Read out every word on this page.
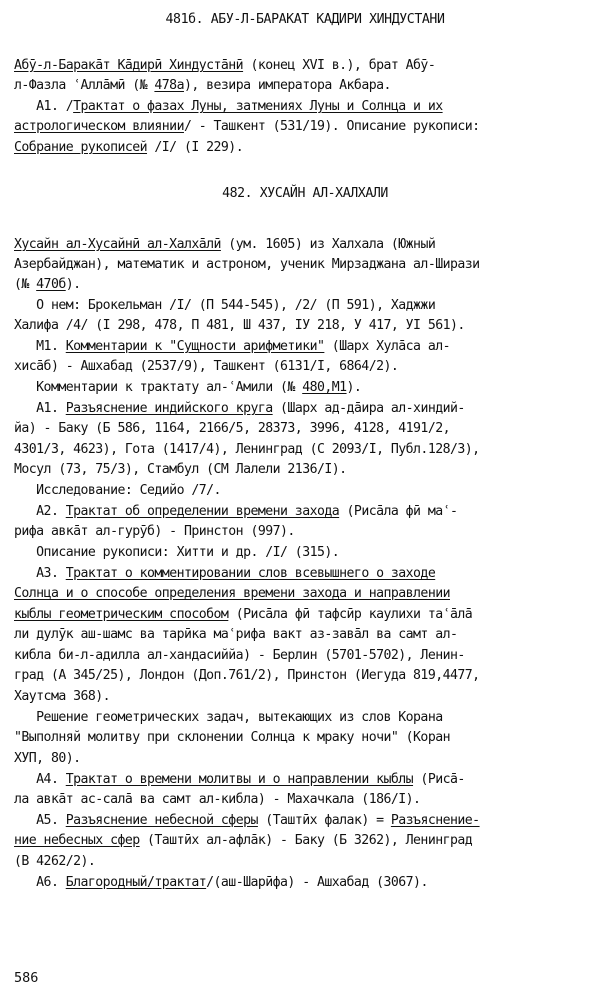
481б. АБУ-Л-БАРАКАТ КАДИРИ ХИНДУСТАНИ
482. ХУСАЙН АЛ-ХАЛХАЛИ
Абӯ-л-Баракāт Кāдирӣ Хиндустāнӣ (конец XVI в.), брат Абӯ-
л-Фазла ʿАллāмӣ (№ 478а), везира императора Акбара.
А1. /Трактат о фазах Луны, затмениях Луны и Солнца и их
астрологическом влиянии/ - Ташкент (531/19). Описание рукописи:
Собрание рукописей /I/ (I 229).
Хусайн ал-Хусайнӣ ал-Халхāлӣ (ум. 1605) из Халхала (Южный
Азербайджан), математик и астроном, ученик Мирзаджана ал-Ширази
(№ 470б).
О нем: Брокельман /I/ (П 544-545), /2/ (П 591), Хаджжи
Халифа /4/ (I 298, 478, П 481, Ш 437, IУ 218, У 417, УI 561).
М1. Комментарии к "Сущности арифметики" (Шарх Хулāса ал-
хисāб) - Ашхабад (2537/9), Ташкент (6131/I, 6864/2).
Комментарии к трактату ал-ʿАмили (№ 480,М1).
А1. Разъяснение индийского круга (Шарх ад-дāира ал-хиндий-
йа) - Баку (Б 586, 1164, 2166/5, 28373, 3996, 4128, 4191/2,
4301/3, 4623), Гота (1417/4), Ленинград (С 2093/I, Публ.128/3),
Мосул (73, 75/3), Стамбул (СМ Лалели 2136/I).
Исследование: Седийо /7/.
А2. Трактат об определении времени захода (Рисāла фӣ маʿ-
рифа авкāт ал-гурӯб) - Принстон (997).
Описание рукописи: Хитти и др. /I/ (315).
А3. Трактат о комментировании слов всевышнего о заходе
Солнца и о способе определения времени захода и направлении
кыблы геометрическим способом (Рисāла фӣ тафсӣр каулихи таʿāлā
ли дулӯк аш-шамс ва тарӣка маʿрифа вакт аз-завāл ва самт ал-
кибла би-л-адилла ал-хандасиййа) - Берлин (5701-5702), Ленин-
град (А 345/25), Лондон (Доп.761/2), Принстон (Иегуда 819,4477,
Хаутсма 368).
Решение геометрических задач, вытекающих из слов Корана
"Выполняй молитву при склонении Солнца к мраку ночи" (Коран
ХУП, 80).
А4. Трактат о времени молитвы и о направлении кыблы (Рисā-
ла авкāт ас-салā ва самт ал-кибла) - Махачкала (186/I).
А5. Разъяснение небесной сферы (Таштӣх фалак) = Разъяснение-
ние небесных сфер (Таштӣх ал-афлāк) - Баку (Б 3262), Ленинград
(В 4262/2).
А6. Благородный/трактат/(аш-Шарӣфа) - Ашхабад (3067).
586
